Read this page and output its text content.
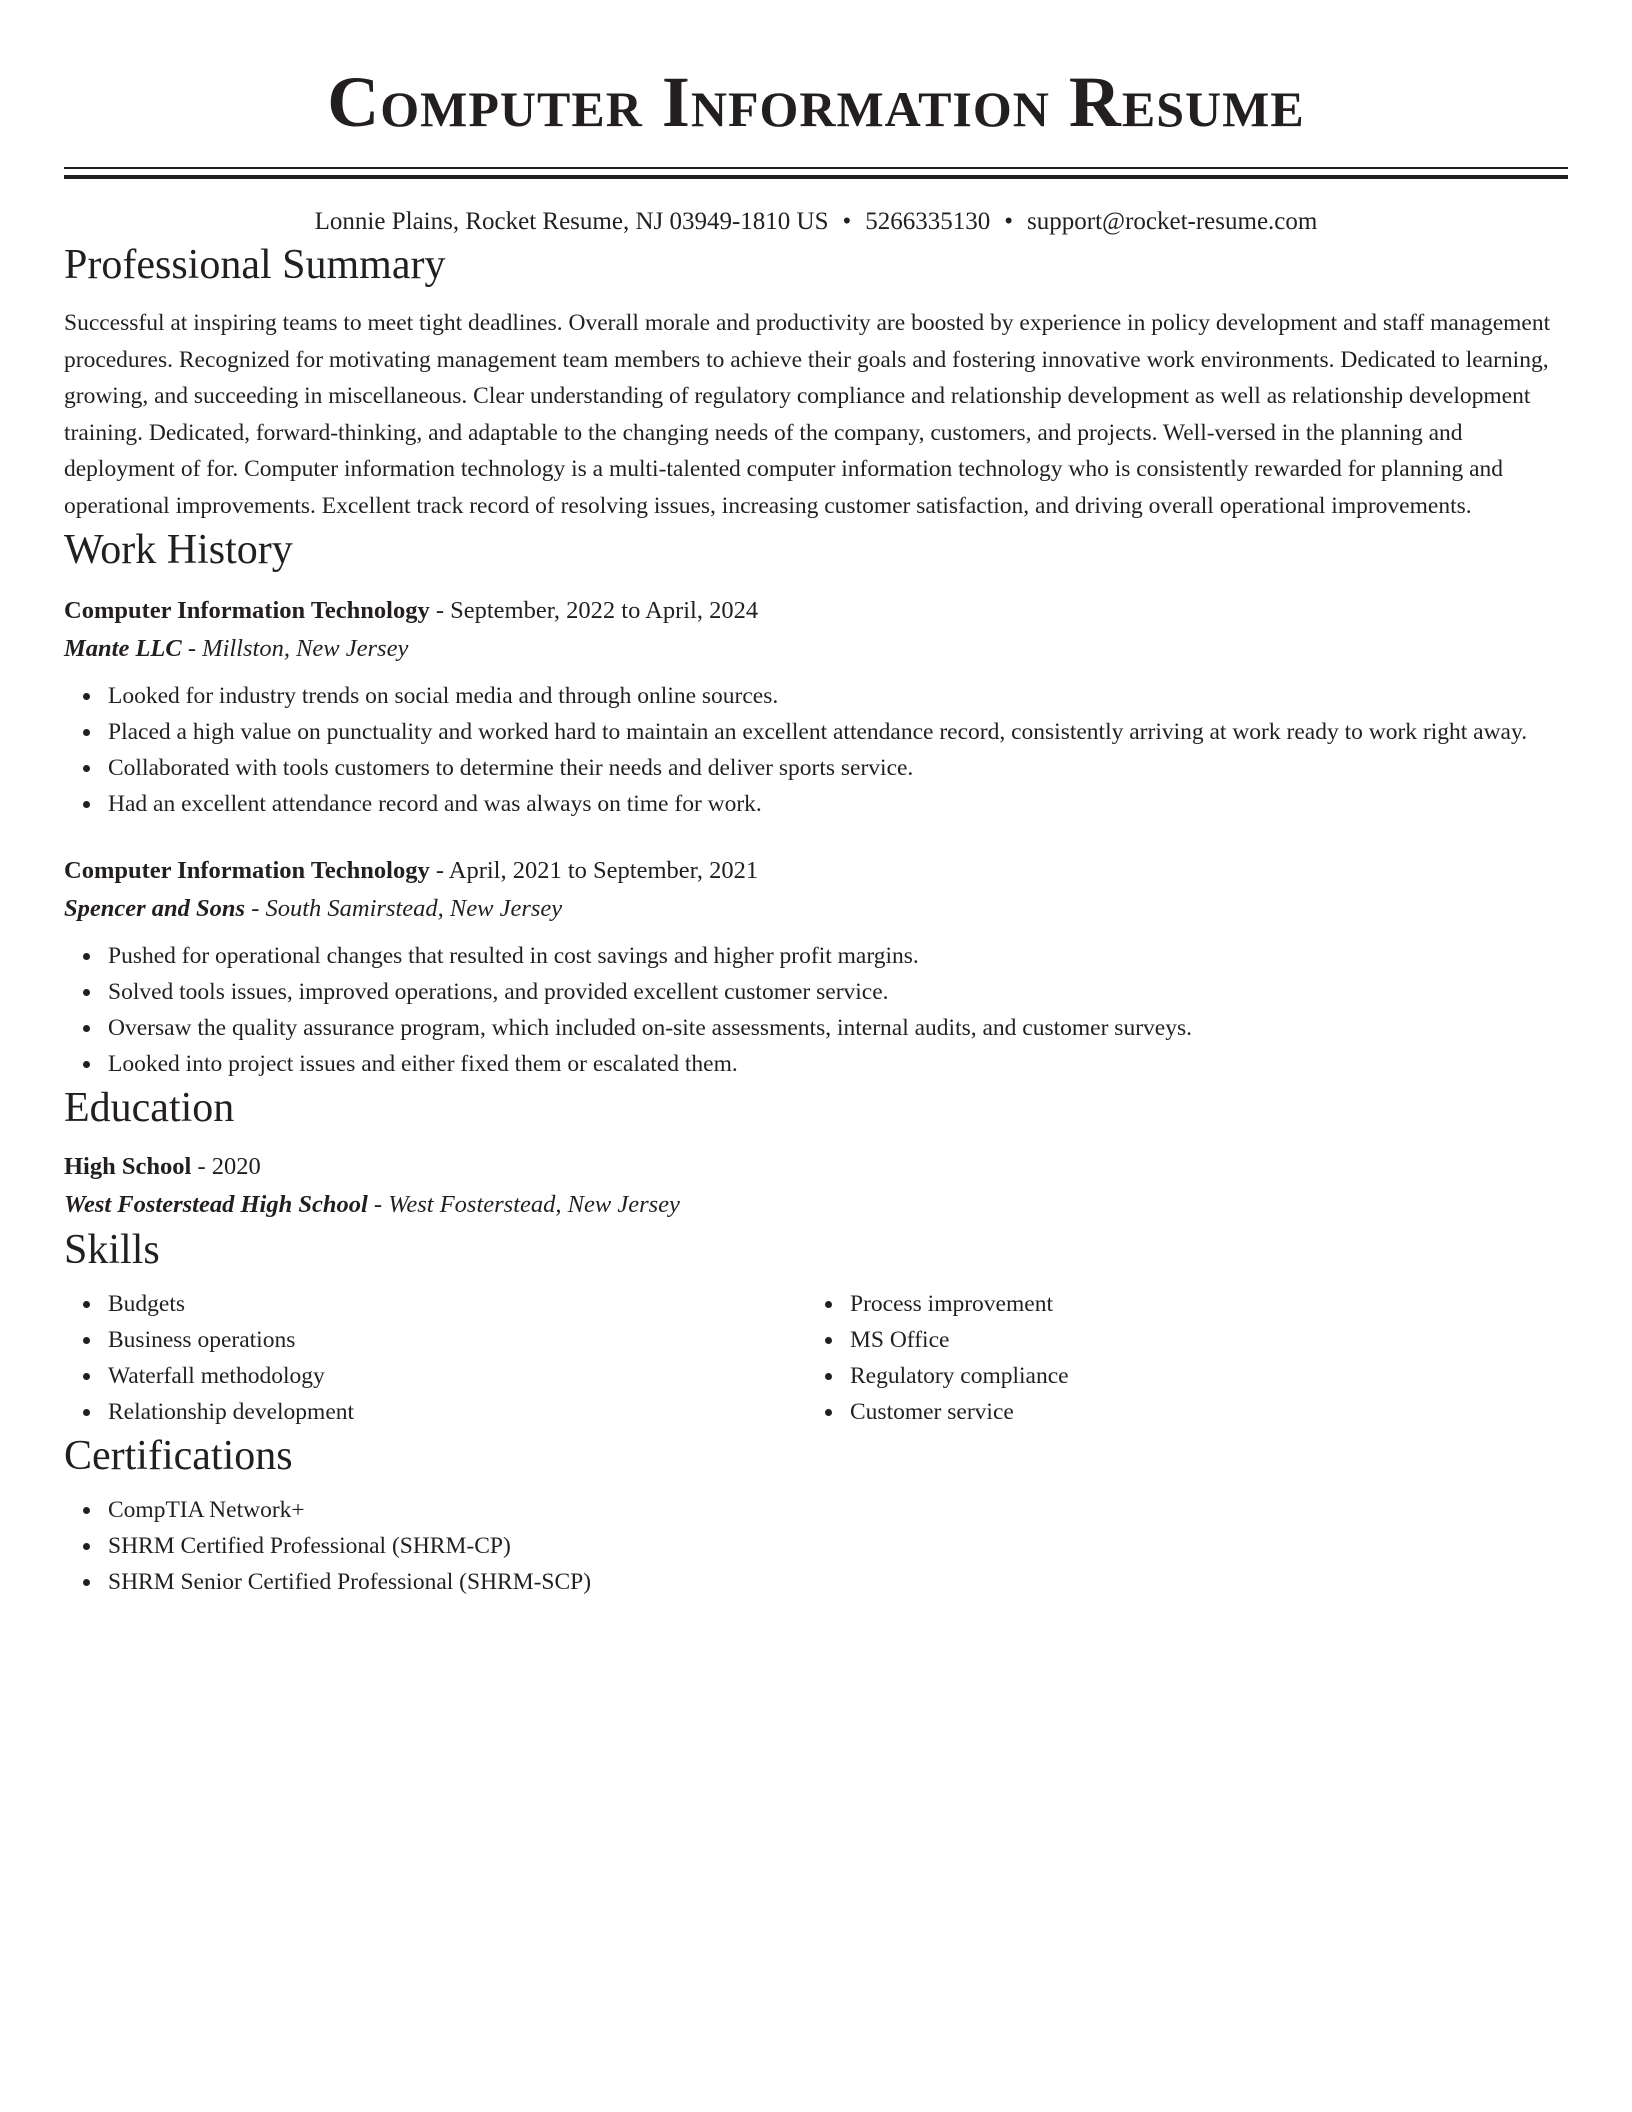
Computer Information Resume
Lonnie Plains, Rocket Resume, NJ 03949-1810 US • 5266335130 • support@rocket-resume.com
Professional Summary
Successful at inspiring teams to meet tight deadlines. Overall morale and productivity are boosted by experience in policy development and staff management procedures. Recognized for motivating management team members to achieve their goals and fostering innovative work environments. Dedicated to learning, growing, and succeeding in miscellaneous. Clear understanding of regulatory compliance and relationship development as well as relationship development training. Dedicated, forward-thinking, and adaptable to the changing needs of the company, customers, and projects. Well-versed in the planning and deployment of for. Computer information technology is a multi-talented computer information technology who is consistently rewarded for planning and operational improvements. Excellent track record of resolving issues, increasing customer satisfaction, and driving overall operational improvements.
Work History
Computer Information Technology - September, 2022 to April, 2024
Mante LLC - Millston, New Jersey
Looked for industry trends on social media and through online sources.
Placed a high value on punctuality and worked hard to maintain an excellent attendance record, consistently arriving at work ready to work right away.
Collaborated with tools customers to determine their needs and deliver sports service.
Had an excellent attendance record and was always on time for work.
Computer Information Technology - April, 2021 to September, 2021
Spencer and Sons - South Samirstead, New Jersey
Pushed for operational changes that resulted in cost savings and higher profit margins.
Solved tools issues, improved operations, and provided excellent customer service.
Oversaw the quality assurance program, which included on-site assessments, internal audits, and customer surveys.
Looked into project issues and either fixed them or escalated them.
Education
High School - 2020
West Fosterstead High School - West Fosterstead, New Jersey
Skills
Budgets
Business operations
Waterfall methodology
Relationship development
Process improvement
MS Office
Regulatory compliance
Customer service
Certifications
CompTIA Network+
SHRM Certified Professional (SHRM-CP)
SHRM Senior Certified Professional (SHRM-SCP)
